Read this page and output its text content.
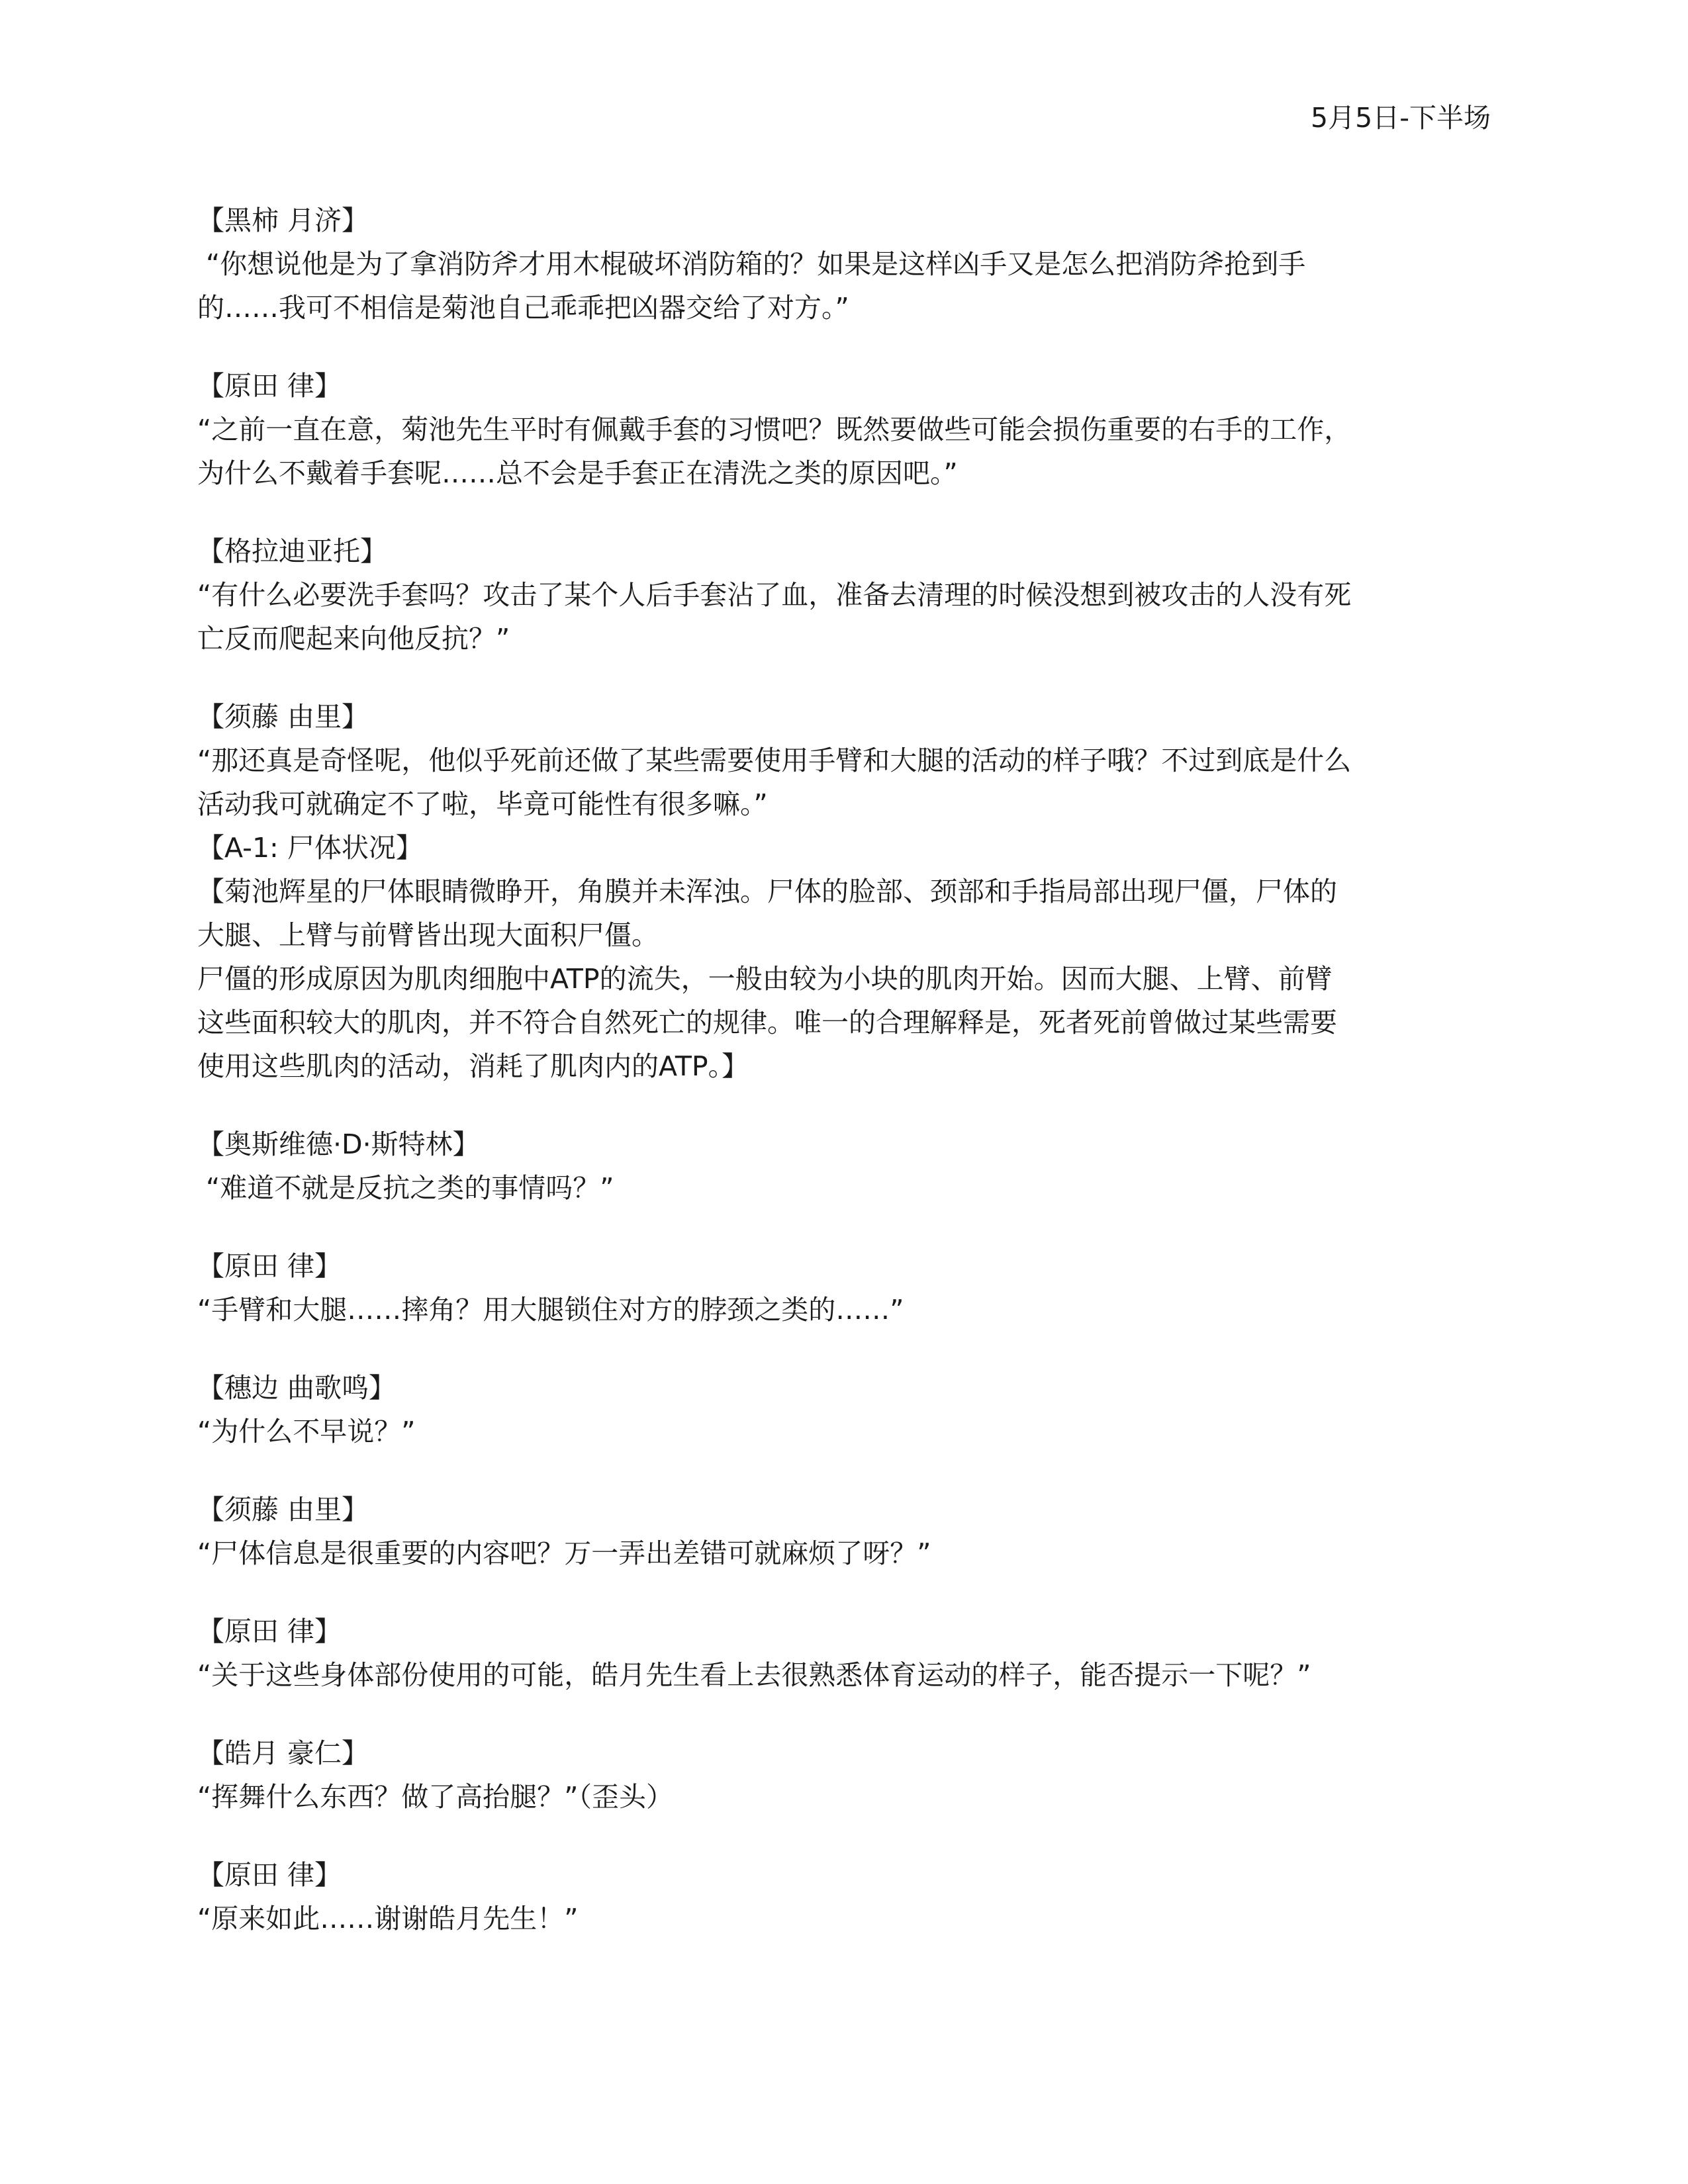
5月5日-下半场
【黑柿 月济】
“你想说他是为了拿消防斧才用木棍破坏消防箱的？如果是这样凶手又是怎么把消防斧抢到手
的……我可不相信是菊池自己乖乖把凶器交给了对方。”
【原田 律】
“之前一直在意，菊池先生平时有佩戴手套的习惯吧？既然要做些可能会损伤重要的右手的工作，
为什么不戴着手套呢……总不会是手套正在清洗之类的原因吧。”
【格拉迪亚托】
“有什么必要洗手套吗？攻击了某个人后手套沾了血，准备去清理的时候没想到被攻击的人没有死
亡反而爬起来向他反抗？”
【须藤 由里】
“那还真是奇怪呢，他似乎死前还做了某些需要使用手臂和大腿的活动的样子哦？不过到底是什么
活动我可就确定不了啦，毕竟可能性有很多嘛。”
【A-1: 尸体状况】
【菊池辉星的尸体眼睛微睁开，角膜并未浑浊。尸体的脸部、颈部和手指局部出现尸僵，尸体的
大腿、上臂与前臂皆出现大面积尸僵。
尸僵的形成原因为肌肉细胞中ATP的流失，一般由较为小块的肌肉开始。因而大腿、上臂、前臂
这些面积较大的肌肉，并不符合自然死亡的规律。唯一的合理解释是，死者死前曾做过某些需要
使用这些肌肉的活动，消耗了肌肉内的ATP。】
【奥斯维德·D·斯特林】
“难道不就是反抗之类的事情吗？”
【原田 律】
“手臂和大腿……摔角？用大腿锁住对方的脖颈之类的……”
【穗边 曲歌鸣】
“为什么不早说？”
【须藤 由里】
“尸体信息是很重要的内容吧？万一弄出差错可就麻烦了呀？”
【原田 律】
“关于这些身体部份使用的可能，皓月先生看上去很熟悉体育运动的样子，能否提示一下呢？”
【皓月 豪仁】
“挥舞什么东西？做了高抬腿？”（歪头）
【原田 律】
“原来如此……谢谢皓月先生！”
